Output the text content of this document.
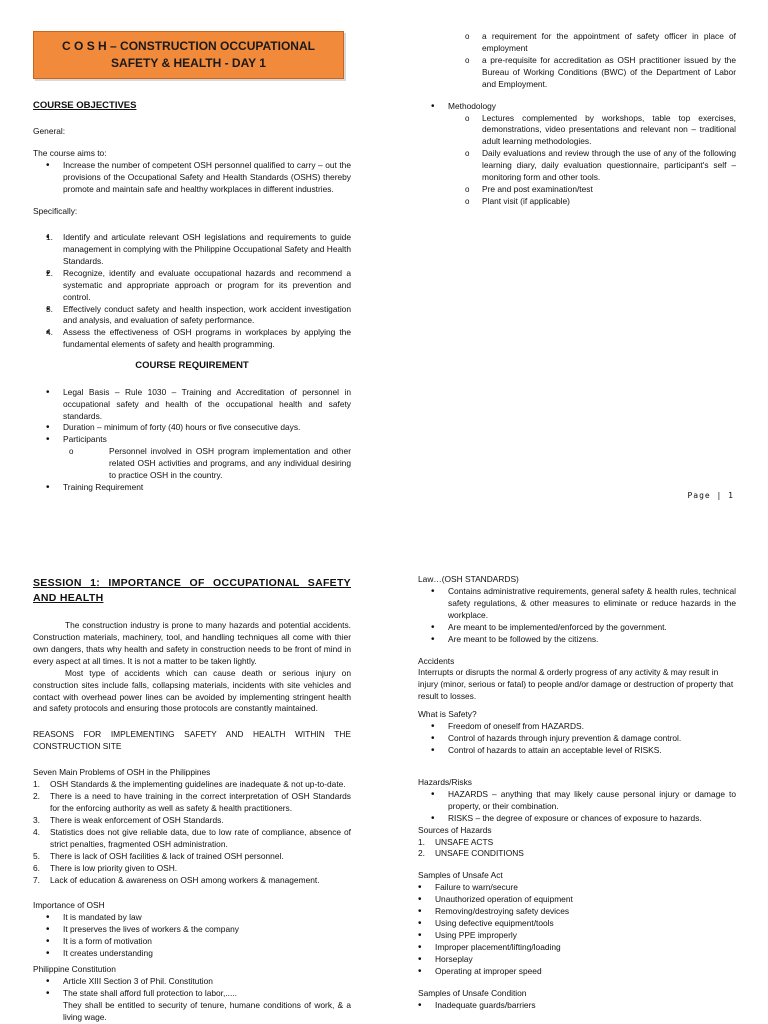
C O S H – CONSTRUCTION OCCUPATIONAL
SAFETY & HEALTH - DAY 1
COURSE OBJECTIVES

General:

The course aims to:

• Increase the number of competent OSH personnel qualified to carry – out the provisions of the Occupational Safety and Health Standards (OSHS) thereby promote and maintain safe and healthy workplaces in different industries.

Specifically:

• 1. Identify and articulate relevant OSH legislations and requirements to guide management in complying with the Philippine Occupational Safety and Health Standards.
• 2. Recognize, identify and evaluate occupational hazards and recommend a systematic and appropriate approach or program for its prevention and control.
• 3. Effectively conduct safety and health inspection, work accident investigation and analysis, and evaluation of safety performance.
• 4. Assess the effectiveness of OSH programs in workplaces by applying the fundamental elements of safety and health programming.
COURSE REQUIREMENT
• Legal Basis – Rule 1030 – Training and Accreditation of personnel in occupational safety and health of the occupational health and safety standards.
• Duration – minimum of forty (40) hours or five consecutive days.
• Participants
o Personnel involved in OSH program implementation and other related OSH activities and programs, and any individual desiring to practice OSH in the country.
• Training Requirement
o a requirement for the appointment of safety officer in place of employment
o a pre-requisite for accreditation as OSH practitioner issued by the Bureau of Working Conditions (BWC) of the Department of Labor and Employment.
• Methodology
o Lectures complemented by workshops, table top exercises, demonstrations, video presentations and relevant non – traditional adult learning methodologies.
o Daily evaluations and review through the use of any of the following learning diary, daily evaluation questionnaire, participant's self – monitoring form and other tools.
o Pre and post examination/test
o Plant visit (if applicable)
Page | 1
SESSION 1: IMPORTANCE OF OCCUPATIONAL SAFETY AND HEALTH

The construction industry is prone to many hazards and potential accidents. Construction materials, machinery, tool, and handling techniques all come with thier own dangers, thats why health and safety in construction needs to be front of mind in every aspect at all times. It is not a matter to be taken lightly.

Most type of accidents which can cause death or serious injury on construction sites include falls, collapsing materials, incidents with site vehicles and contact with overhead power lines can be avoided by implementing stringent health and safety protocols and ensuring those protocols are constantly maintained.

REASONS FOR IMPLEMENTING SAFETY AND HEALTH WITHIN THE CONSTRUCTION SITE

Seven Main Problems of OSH in the Philippines

1. OSH Standards & the implementing guidelines are inadequate & not up-to-date.
2. There is a need to have training in the correct interpretation of OSH Standards for the enforcing authority as well as safety & health practitioners.
3. There is weak enforcement of OSH Standards.
4. Statistics does not give reliable data, due to low rate of compliance, absence of strict penalties, fragmented OSH administration.
5. There is lack of OSH facilities & lack of trained OSH personnel.
6. There is low priority given to OSH.
7. Lack of education & awareness on OSH among workers & management.

Importance of OSH

• It is mandated by law
• It preserves the lives of workers & the company
• It is a form of motivation
• It creates understanding

Philippine Constitution

• Article XIII Section 3 of Phil. Constitution
• The state shall afford full protection to labor,.....

They shall be entitled to security of tenure, humane conditions of work, & a living wage.

Law…(OSH STANDARDS)

• Contains administrative requirements, general safety & health rules, technical safety regulations, & other measures to eliminate or reduce hazards in the workplace.
• Are meant to be implemented/enforced by the government.
• Are meant to be followed by the citizens.

Accidents

Interrupts or disrupts the normal & orderly progress of any activity & may result in injury (minor, serious or fatal) to people and/or damage or destruction of property that result to losses.

What is Safety?

• Freedom of oneself from HAZARDS.
• Control of hazards through injury prevention & damage control.
• Control of hazards to attain an acceptable level of RISKS.

Hazards/Risks

• HAZARDS – anything that may likely cause personal injury or damage to property, or their combination.
• RISKS – the degree of exposure or chances of exposure to hazards.

Sources of Hazards

1. UNSAFE ACTS
2. UNSAFE CONDITIONS

Samples of Unsafe Act

• Failure to warn/secure
• Unauthorized operation of equipment
• Removing/destroying safety devices
• Using defective equipment/tools
• Using PPE improperly
• Improper placement/lifting/loading
• Horseplay
• Operating at improper speed

Samples of Unsafe Condition

• Inadequate guards/barriers
